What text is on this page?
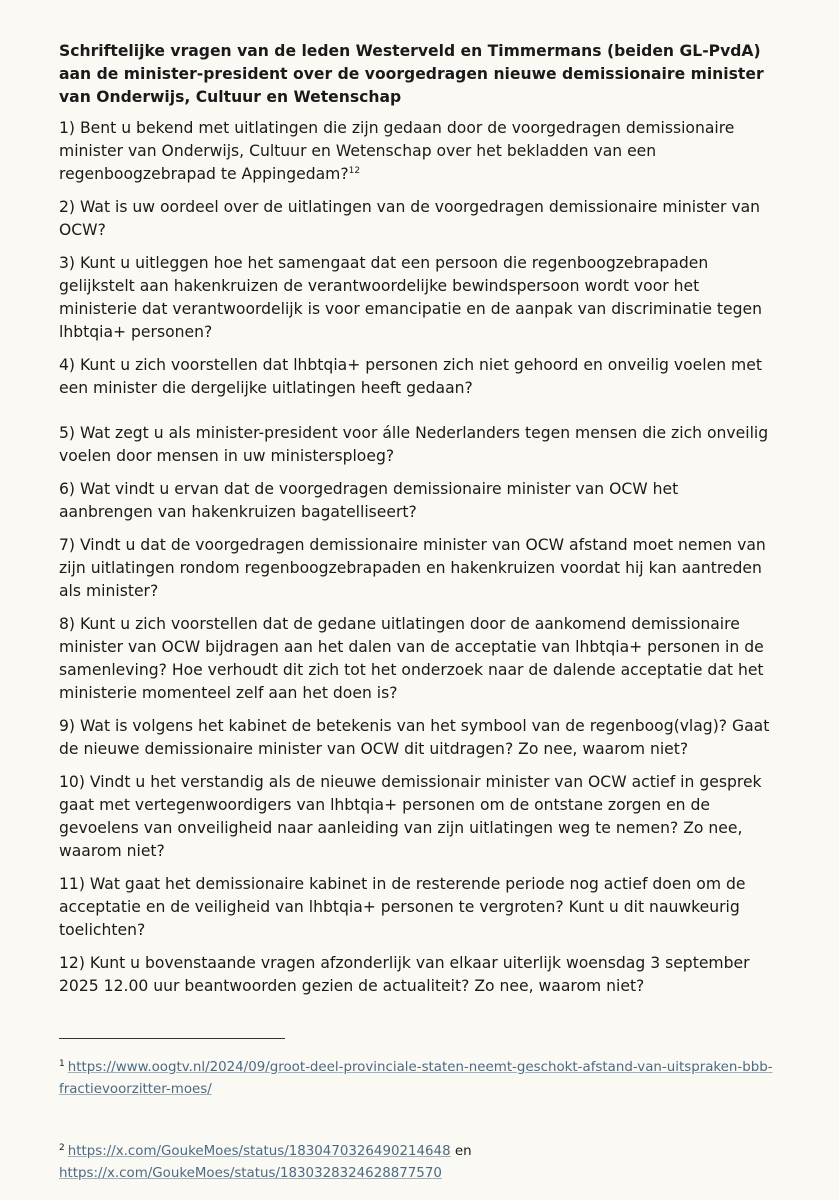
Schriftelijke vragen van de leden Westerveld en Timmermans (beiden GL-PvdA) aan de minister-president over de voorgedragen nieuwe demissionaire minister van Onderwijs, Cultuur en Wetenschap

1) Bent u bekend met uitlatingen die zijn gedaan door de voorgedragen demissionaire minister van Onderwijs, Cultuur en Wetenschap over het bekladden van een regenboogzebrapad te Appingedam?$^{12}$

2) Wat is uw oordeel over de uitlatingen van de voorgedragen demissionaire minister van OCW?

3) Kunt u uitleggen hoe het samengaat dat een persoon die regenboogzebrapaden gelijkstelt aan hakenkruizen de verantwoordelijke bewindspersoon wordt voor het ministerie dat verantwoordelijk is voor emancipatie en de aanpak van discriminatie tegen lhbtqia+ personen?

4) Kunt u zich voorstellen dat lhbtqia+ personen zich niet gehoord en onveilig voelen met een minister die dergelijke uitlatingen heeft gedaan?

5) Wat zegt u als minister-president voor álle Nederlanders tegen mensen die zich onveilig voelen door mensen in uw ministersploeg?

6) Wat vindt u ervan dat de voorgedragen demissionaire minister van OCW het aanbrengen van hakenkruizen bagatelliseert?

7) Vindt u dat de voorgedragen demissionaire minister van OCW afstand moet nemen van zijn uitlatingen rondom regenboogzebrapaden en hakenkruizen voordat hij kan aantreden als minister?

8) Kunt u zich voorstellen dat de gedane uitlatingen door de aankomend demissionaire minister van OCW bijdragen aan het dalen van de acceptatie van lhbtqia+ personen in de samenleving? Hoe verhoudt dit zich tot het onderzoek naar de dalende acceptatie dat het ministerie momenteel zelf aan het doen is?

9) Wat is volgens het kabinet de betekenis van het symbool van de regenboog(vlag)? Gaat de nieuwe demissionaire minister van OCW dit uitdragen? Zo nee, waarom niet?

10) Vindt u het verstandig als de nieuwe demissionair minister van OCW actief in gesprek gaat met vertegenwoordigers van lhbtqia+ personen om de ontstane zorgen en de gevoelens van onveiligheid naar aanleiding van zijn uitlatingen weg te nemen? Zo nee, waarom niet?

11) Wat gaat het demissionaire kabinet in de resterende periode nog actief doen om de acceptatie en de veiligheid van lhbtqia+ personen te vergroten? Kunt u dit nauwkeurig toelichten?

12) Kunt u bovenstaande vragen afzonderlijk van elkaar uiterlijk woensdag 3 september 2025 12.00 uur beantwoorden gezien de actualiteit? Zo nee, waarom niet?

$^1$ https://www.oogtv.nl/2024/09/groot-deel-provinciale-staten-neemt-geschokt-afstand-van-uitspraken-bbb-fractievoorzitter-moes/

$^2$ https://x.com/GoukeMoes/status/1830470326490214648 en
https://x.com/GoukeMoes/status/1830328324628877570
